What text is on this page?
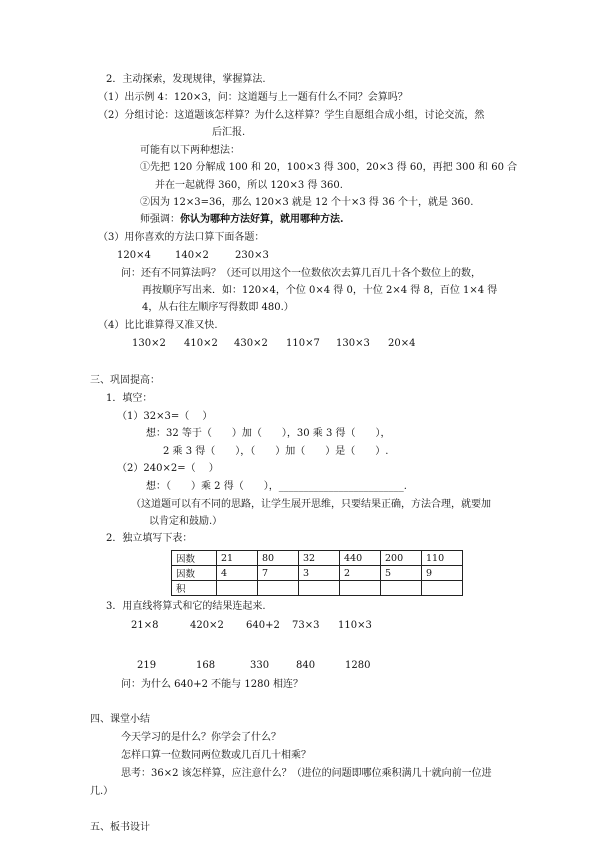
2．主动探索，发现规律，掌握算法.
（1）出示例 4：120×3，问：这道题与上一题有什么不同？会算吗？
（2）分组讨论：这道题该怎样算？为什么这样算？学生自愿组合成小组，讨论交流，然
后汇报.
可能有以下两种想法：
①先把 120 分解成 100 和 20，100×3 得 300，20×3 得 60，再把 300 和 60 合
并在一起就得 360，所以 120×3 得 360.
②因为 12×3=36，那么 120×3 就是 12 个十×3 得 36 个十，就是 360.
师强调：你认为哪种方法好算，就用哪种方法.
（3）用你喜欢的方法口算下面各题：
120×4 140×2	230×3
问：还有不同算法吗？（还可以用这个一位数依次去算几百几十各个数位上的数，
再按顺序写出来．如：120×4，个位 0×4 得 0，十位 2×4 得 8，百位 1×4 得
4，从右往左顺序写得数即 480.）
（4）比比谁算得又准又快.
130×2 410×2 430×2 110×7 130×3 20×4
三、巩固提高：
1．填空：
（1）32×3=（　 ）
想：32 等于（　　）加（　　），30 乘 3 得（　　），
2 乘 3 得（　　），（　　）加（　　）是（　　）.
（2）240×2=（　 ）
想：（　　）乘 2 得（　　），_________________________.
（这道题可以有不同的思路，让学生展开思维，只要结果正确，方法合理，就要加
以肯定和鼓励.）
2．独立填写下表：
因数	21	80	32	440	200	110
因数	4	7	3	2	5	9
积						
3．用直线将算式和它的结果连起来.
21×8	420×2 640+2 73×3 110×3
219	168	330	840	1280
问：为什么 640+2 不能与 1280 相连？
四、课堂小结
今天学习的是什么？你学会了什么？
怎样口算一位数同两位数或几百几十相乘？
思考：36×2 该怎样算，应注意什么？（进位的问题即哪位乘积满几十就向前一位进
几.）
五、板书设计
